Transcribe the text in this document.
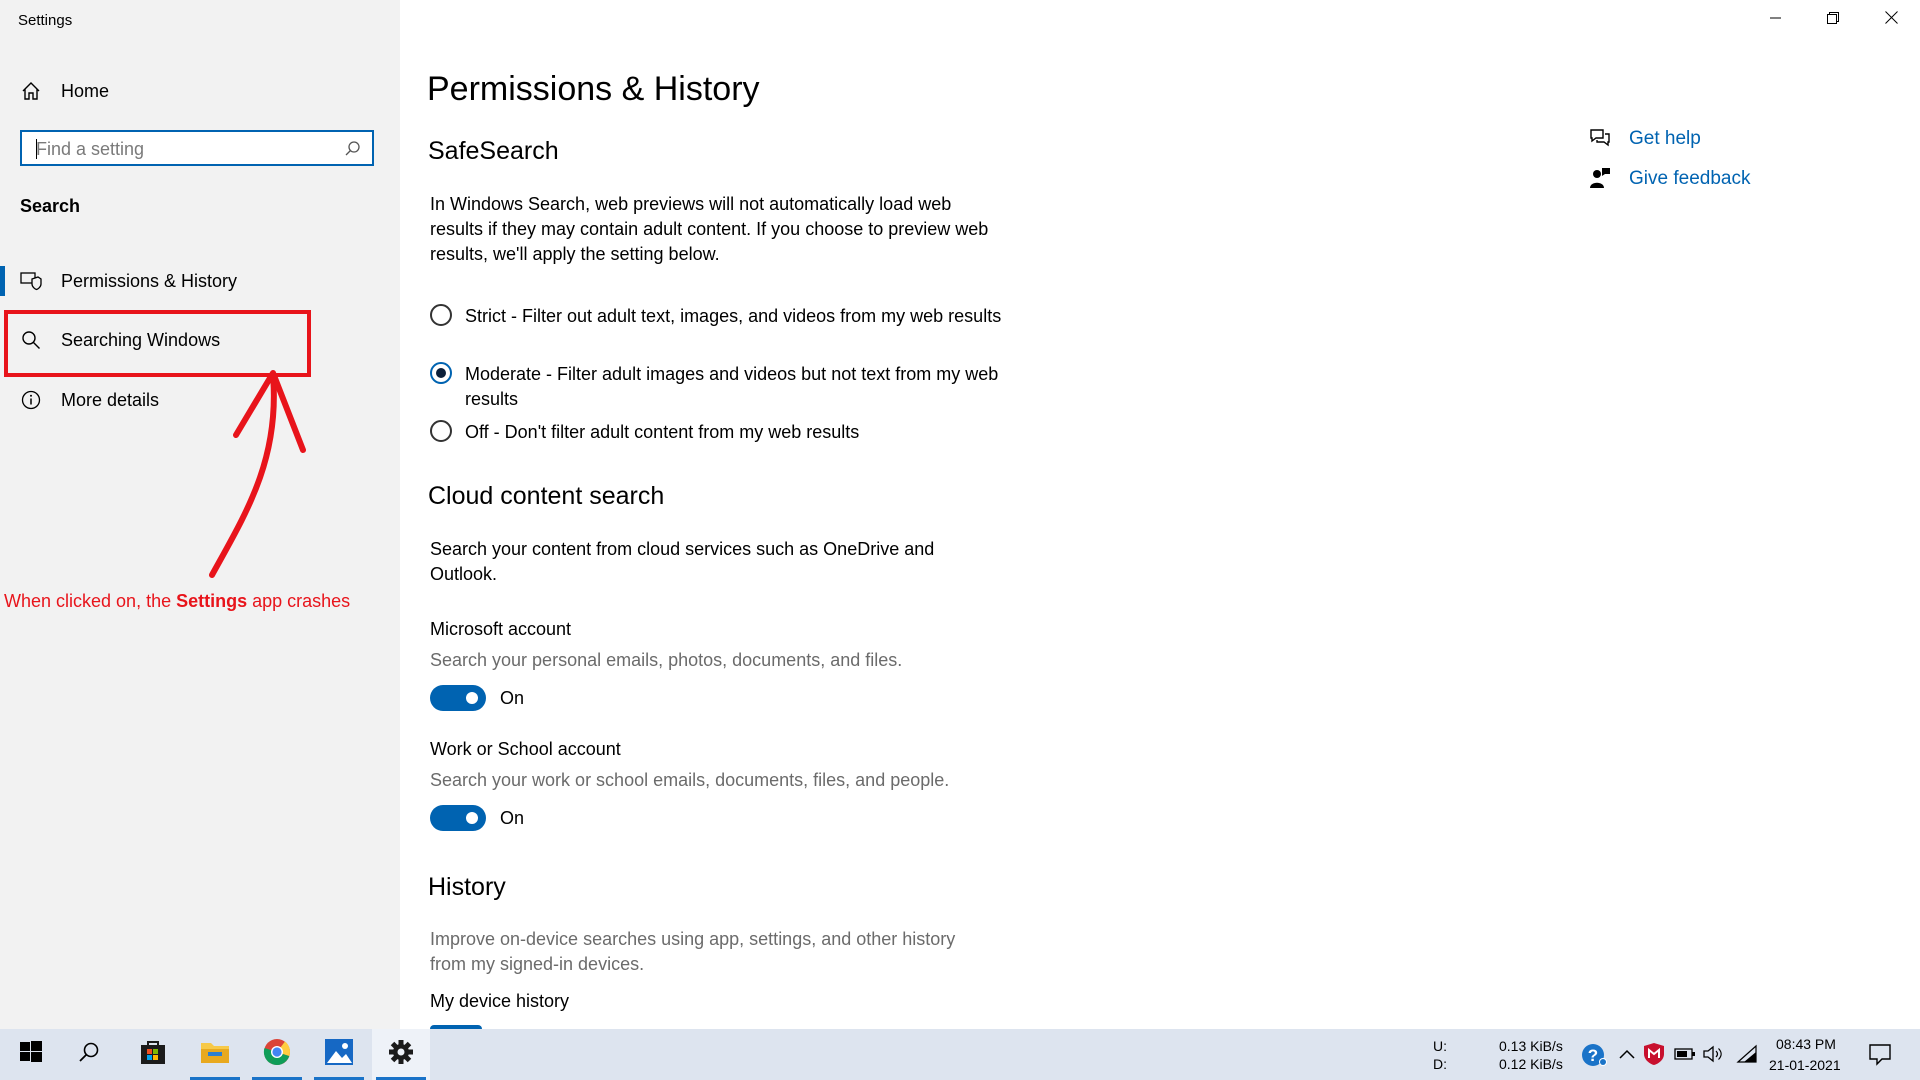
Settings
Home
Find a setting
Search
Permissions & History
Searching Windows
More details
When clicked on, the Settings app crashes
Permissions & History
SafeSearch
In Windows Search, web previews will not automatically load web results if they may contain adult content. If you choose to preview web results, we'll apply the setting below.
Strict - Filter out adult text, images, and videos from my web results
Moderate - Filter adult images and videos but not text from my web results
Off - Don't filter adult content from my web results
Cloud content search
Search your content from cloud services such as OneDrive and Outlook.
Microsoft account
Search your personal emails, photos, documents, and files.
On
Work or School account
Search your work or school emails, documents, files, and people.
On
History
Improve on-device searches using app, settings, and other history from my signed-in devices.
My device history
Get help
Give feedback
U:
D:
0.13 KiB/s
0.12 KiB/s ?
08:43 PM
21-01-2021
